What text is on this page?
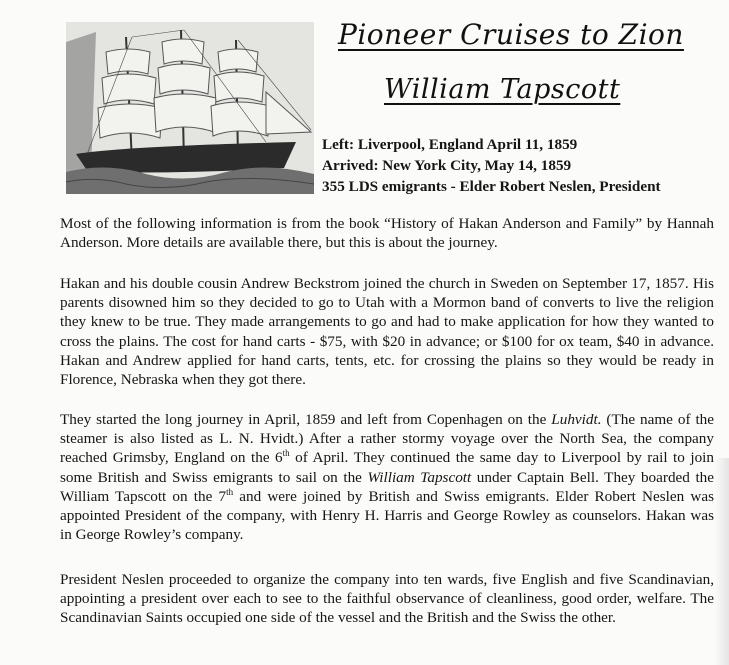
Pioneer Cruises to Zion
William Tapscott
Left: Liverpool, England April 11, 1859
Arrived: New York City, May 14, 1859
355 LDS emigrants - Elder Robert Neslen, President

Most of the following information is from the book “History of Hakan Anderson and Family” by Hannah Anderson. More details are available there, but this is about the journey.

Hakan and his double cousin Andrew Beckstrom joined the church in Sweden on September 17, 1857. His parents disowned him so they decided to go to Utah with a Mormon band of converts to live the religion they knew to be true. They made arrangements to go and had to make application for how they wanted to cross the plains. The cost for hand carts - $75, with $20 in advance; or $100 for ox team, $40 in advance. Hakan and Andrew applied for hand carts, tents, etc. for crossing the plains so they would be ready in Florence, Nebraska when they got there.

They started the long journey in April, 1859 and left from Copenhagen on the Luhvidt. (The name of the steamer is also listed as L. N. Hvidt.) After a rather stormy voyage over the North Sea, the company reached Grimsby, England on the 6th of April. They continued the same day to Liverpool by rail to join some British and Swiss emigrants to sail on the William Tapscott under Captain Bell. They boarded the William Tapscott on the 7th and were joined by British and Swiss emigrants. Elder Robert Neslen was appointed President of the company, with Henry H. Harris and George Rowley as counselors. Hakan was in George Rowley’s company.

President Neslen proceeded to organize the company into ten wards, five English and five Scandinavian, appointing a president over each to see to the faithful observance of cleanliness, good order, welfare. The Scandinavian Saints occupied one side of the vessel and the British and the Swiss the other.
